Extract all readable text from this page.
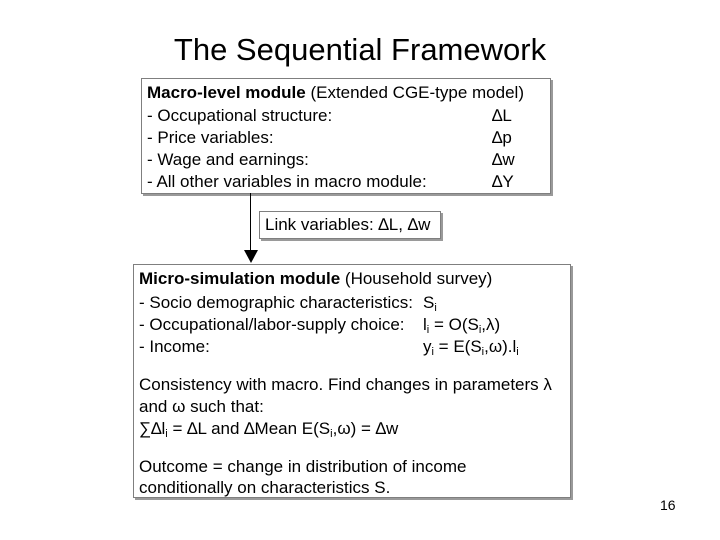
The Sequential Framework
Macro-level module (Extended CGE-type model)
- Occupational structure:	∆L
- Price variables:	∆p
- Wage and earnings:	∆w
- All other variables in macro module:	∆Y
Link variables: ∆L, ∆w
Micro-simulation module (Household survey)
- Socio demographic characteristics: $S_i$
- Occupational/labor-supply choice: $l_i = O(S_i,\lambda)$
- Income:	$y_i = E(S_i,\omega).l_i$
Consistency with macro. Find changes in parameters λ
and ω such that:
$\sum\Delta l_i = \Delta L$ and ∆Mean $E(S_i,\omega) = \Delta w$
Outcome = change in distribution of income
conditionally on characteristics S.
16
